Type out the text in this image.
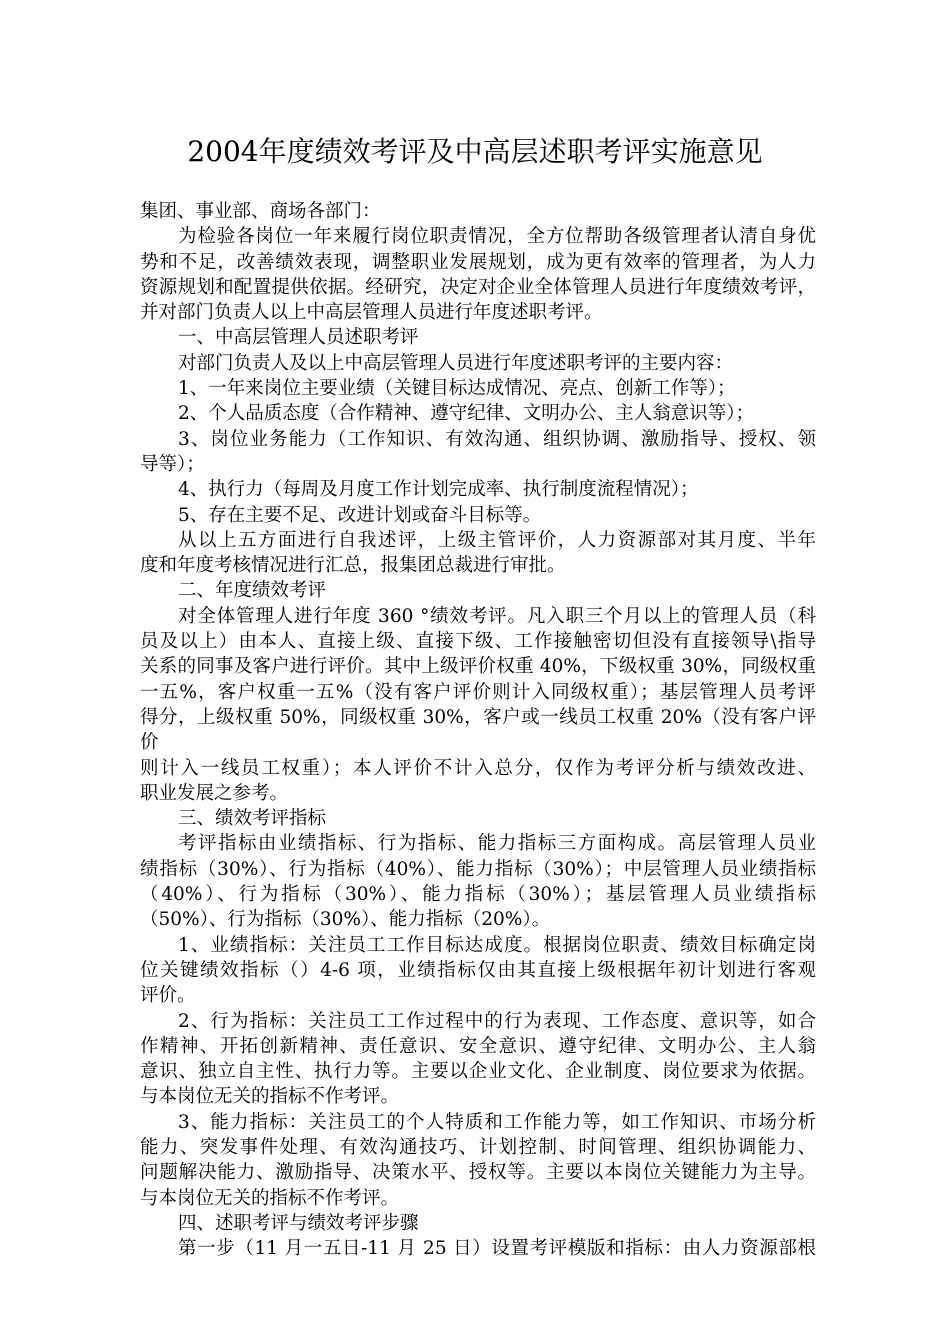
2004年度绩效考评及中高层述职考评实施意见
集团、事业部、商场各部门：
为检验各岗位一年来履行岗位职责情况，全方位帮助各级管理者认清自身优
势和不足，改善绩效表现，调整职业发展规划，成为更有效率的管理者，为人力
资源规划和配置提供依据。经研究，决定对企业全体管理人员进行年度绩效考评，
并对部门负责人以上中高层管理人员进行年度述职考评。
一、中高层管理人员述职考评
对部门负责人及以上中高层管理人员进行年度述职考评的主要内容：
1、一年来岗位主要业绩（关键目标达成情况、亮点、创新工作等）；
2、个人品质态度（合作精神、遵守纪律、文明办公、主人翁意识等）；
3、岗位业务能力（工作知识、有效沟通、组织协调、激励指导、授权、领
导等）；
4、执行力（每周及月度工作计划完成率、执行制度流程情况）；
5、存在主要不足、改进计划或奋斗目标等。
从以上五方面进行自我述评，上级主管评价，人力资源部对其月度、半年
度和年度考核情况进行汇总，报集团总裁进行审批。
二、年度绩效考评
对全体管理人进行年度 360 °绩效考评。凡入职三个月以上的管理人员（科
员及以上）由本人、直接上级、直接下级、工作接触密切但没有直接领导\指导
关系的同事及客户进行评价。其中上级评价权重 40%，下级权重 30%，同级权重
一五%，客户权重一五%（没有客户评价则计入同级权重）；基层管理人员考评
得分，上级权重 50%，同级权重 30%，客户或一线员工权重 20%（没有客户评价
则计入一线员工权重）；本人评价不计入总分，仅作为考评分析与绩效改进、
职业发展之参考。
三、绩效考评指标
考评指标由业绩指标、行为指标、能力指标三方面构成。高层管理人员业
绩指标（30%）、行为指标（40%）、能力指标（30%）；中层管理人员业绩指标
（40%）、行为指标（30%）、能力指标（30%）；基层管理人员业绩指标
（50%）、行为指标（30%）、能力指标（20%）。
1、业绩指标：关注员工工作目标达成度。根据岗位职责、绩效目标确定岗
位关键绩效指标（）4-6 项，业绩指标仅由其直接上级根据年初计划进行客观
评价。
2、行为指标：关注员工工作过程中的行为表现、工作态度、意识等，如合
作精神、开拓创新精神、责任意识、安全意识、遵守纪律、文明办公、主人翁
意识、独立自主性、执行力等。主要以企业文化、企业制度、岗位要求为依据。
与本岗位无关的指标不作考评。
3、能力指标：关注员工的个人特质和工作能力等，如工作知识、市场分析
能力、突发事件处理、有效沟通技巧、计划控制、时间管理、组织协调能力、
问题解决能力、激励指导、决策水平、授权等。主要以本岗位关键能力为主导。
与本岗位无关的指标不作考评。
四、述职考评与绩效考评步骤
第一步（11 月一五日-11 月 25 日）设置考评模版和指标：由人力资源部根
